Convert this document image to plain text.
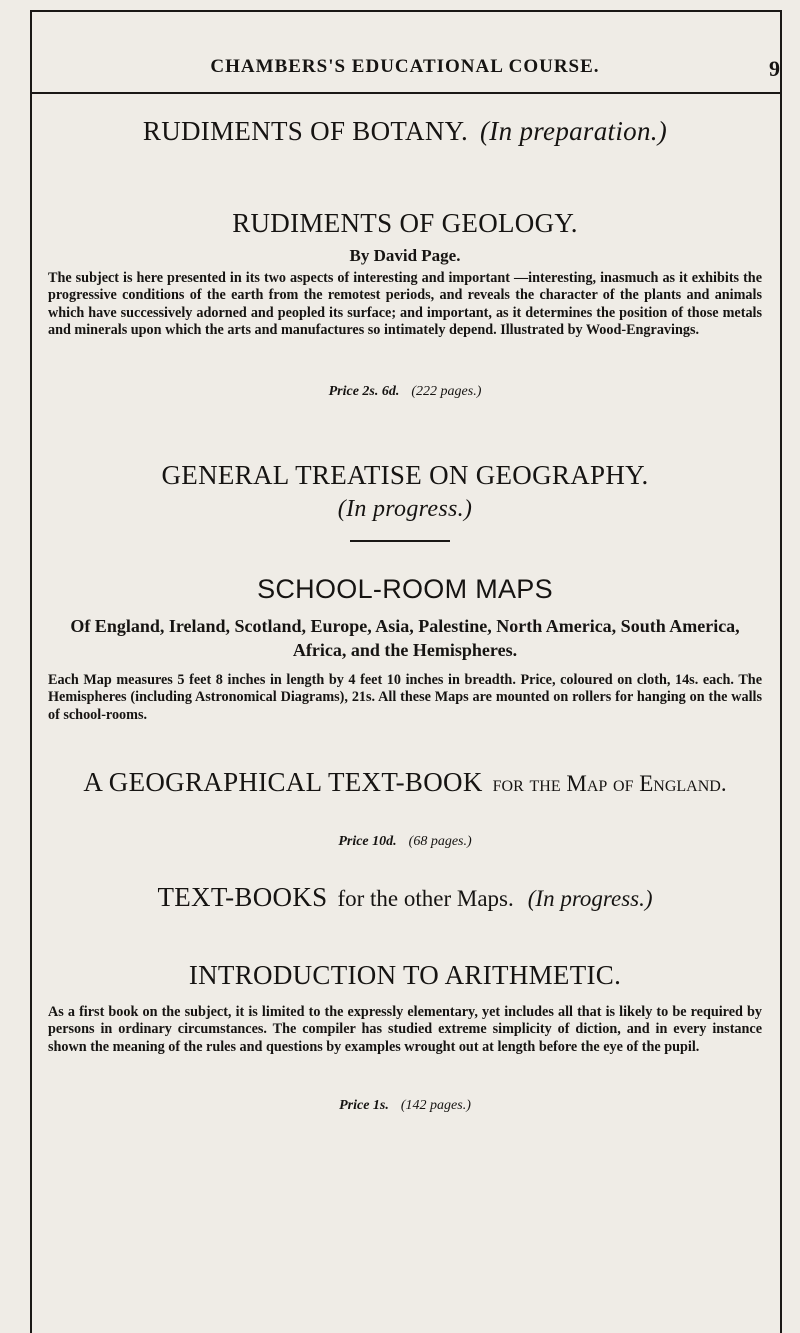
CHAMBERS'S EDUCATIONAL COURSE.	9
RUDIMENTS OF BOTANY. (In preparation.)
RUDIMENTS OF GEOLOGY.
By David Page.
The subject is here presented in its two aspects of interesting and important —interesting, inasmuch as it exhibits the progressive conditions of the earth from the remotest periods, and reveals the character of the plants and animals which have successively adorned and peopled its surface; and important, as it determines the position of those metals and minerals upon which the arts and manufactures so intimately depend. Illustrated by Wood-Engravings.
Price 2s. 6d. (222 pages.)
GENERAL TREATISE ON GEOGRAPHY.
(In progress.)
SCHOOL-ROOM MAPS
Of England, Ireland, Scotland, Europe, Asia, Palestine, North America, South America, Africa, and the Hemispheres.
Each Map measures 5 feet 8 inches in length by 4 feet 10 inches in breadth. Price, coloured on cloth, 14s. each. The Hemispheres (including Astronomical Diagrams), 21s. All these Maps are mounted on rollers for hanging on the walls of school-rooms.
A GEOGRAPHICAL TEXT-BOOK for the Map of England.
Price 10d. (68 pages.)
TEXT-BOOKS for the other Maps. (In progress.)
INTRODUCTION TO ARITHMETIC.
As a first book on the subject, it is limited to the expressly elementary, yet includes all that is likely to be required by persons in ordinary circumstances. The compiler has studied extreme simplicity of diction, and in every instance shown the meaning of the rules and questions by examples wrought out at length before the eye of the pupil.
Price 1s. (142 pages.)
